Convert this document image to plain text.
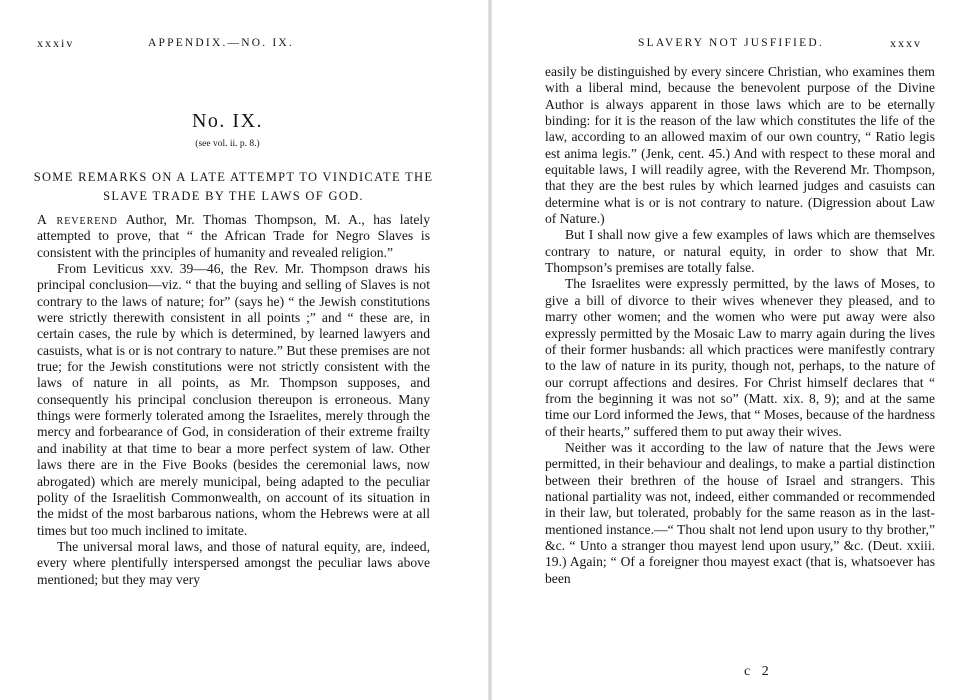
xxxiv	APPENDIX.—NO. IX.
No. IX.
(see vol. ii. p. 8.)
SOME REMARKS ON A LATE ATTEMPT TO VINDICATE THE SLAVE TRADE BY THE LAWS OF GOD.

A reverend Author, Mr. Thomas Thompson, M. A., has lately attempted to prove, that “ the African Trade for Negro Slaves is consistent with the principles of humanity and revealed religion.”

From Leviticus xxv. 39—46, the Rev. Mr. Thompson draws his principal conclusion—viz. “ that the buying and selling of Slaves is not contrary to the laws of nature; for” (says he) “ the Jewish constitutions were strictly therewith consistent in all points ;” and “ these are, in certain cases, the rule by which is determined, by learned lawyers and casuists, what is or is not contrary to nature.” But these premises are not true; for the Jewish constitutions were not strictly consistent with the laws of nature in all points, as Mr. Thompson supposes, and consequently his principal conclusion thereupon is erroneous. Many things were formerly tolerated among the Israelites, merely through the mercy and forbearance of God, in consideration of their extreme frailty and inability at that time to bear a more perfect system of law. Other laws there are in the Five Books (besides the ceremonial laws, now abrogated) which are merely municipal, being adapted to the peculiar polity of the Israelitish Commonwealth, on account of its situation in the midst of the most barbarous nations, whom the Hebrews were at all times but too much inclined to imitate.

The universal moral laws, and those of natural equity, are, indeed, every where plentifully interspersed amongst the peculiar laws above mentioned; but they may very

SLAVERY NOT JUSFIFIED.	xxxv

easily be distinguished by every sincere Christian, who examines them with a liberal mind, because the benevolent purpose of the Divine Author is always apparent in those laws which are to be eternally binding: for it is the reason of the law which constitutes the life of the law, according to an allowed maxim of our own country, “ Ratio legis est anima legis.” (Jenk, cent. 45.) And with respect to these moral and equitable laws, I will readily agree, with the Reverend Mr. Thompson, that they are the best rules by which learned judges and casuists can determine what is or is not contrary to nature. (Digression about Law of Nature.)

But I shall now give a few examples of laws which are themselves contrary to nature, or natural equity, in order to show that Mr. Thompson’s premises are totally false.

The Israelites were expressly permitted, by the laws of Moses, to give a bill of divorce to their wives whenever they pleased, and to marry other women; and the women who were put away were also expressly permitted by the Mosaic Law to marry again during the lives of their former husbands: all which practices were manifestly contrary to the law of nature in its purity, though not, perhaps, to the nature of our corrupt affections and desires. For Christ himself declares that “ from the beginning it was not so” (Matt. xix. 8, 9); and at the same time our Lord informed the Jews, that “ Moses, because of the hardness of their hearts,” suffered them to put away their wives.

Neither was it according to the law of nature that the Jews were permitted, in their behaviour and dealings, to make a partial distinction between their brethren of the house of Israel and strangers. This national partiality was not, indeed, either commanded or recommended in their law, but tolerated, probably for the same reason as in the last-mentioned instance.—“ Thou shalt not lend upon usury to thy brother,” &c. “ Unto a stranger thou mayest lend upon usury,” &c. (Deut. xxiii. 19.) Again; “ Of a foreigner thou mayest exact (that is, whatsoever has been

c 2
